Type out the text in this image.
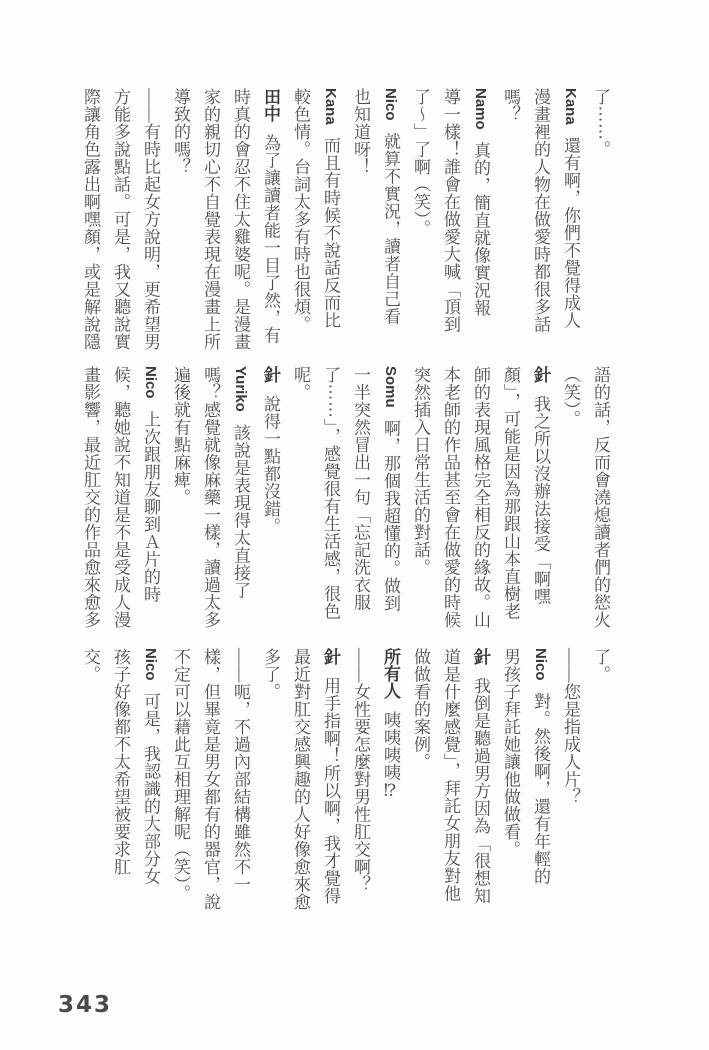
了⋯⋯。
Kana還有啊，你們不覺得成人
漫畫裡的人物在做愛時都很多話
嗎？
Namo真的，簡直就像實況報
導一樣！誰會在做愛大喊「頂到
了～」了啊（笑）。
Nico就算不實況，讀者自己看
也知道呀！
Kana而且有時候不說話反而比
較色情。台詞太多有時也很煩。
田中為了讓讀者能一目了然，有
時真的會忍不住太雞婆呢。是漫畫
家的親切心不自覺表現在漫畫上所
導致的嗎？
——有時比起女方說明，更希望男
方能多說點話。可是，我又聽說實
際讓角色露出啊嘿顏，或是解說隱
語的話，反而會澆熄讀者們的慾火
（笑）。
針我之所以沒辦法接受「啊嘿
顏」，可能是因為那跟山本直樹老
師的表現風格完全相反的緣故。山
本老師的作品甚至會在做愛的時候
突然插入日常生活的對話。
Somu啊，那個我超懂的。做到
一半突然冒出一句「忘記洗衣服
了⋯⋯」，感覺很有生活感，很色
呢。
針說得一點都沒錯。
Yuriko該說是表現得太直接了
嗎？感覺就像麻藥一樣，讀過太多
遍後就有點麻痺。
Nico上次跟朋友聊到Ａ片的時
候，聽她說不知道是不是受成人漫
畫影響，最近肛交的作品愈來愈多
了。
——您是指成人片？
Nico對。然後啊，還有年輕的
男孩子拜託她讓他做做看。
針我倒是聽過男方因為「很想知
道是什麼感覺」，拜託女朋友對他
做做看的案例。
所有人咦咦咦咦⁉
——女性要怎麼對男性肛交啊？
針用手指啊！所以啊，我才覺得
最近對肛交感興趣的人好像愈來愈
多了。
——呃，不過內部結構雖然不一
樣，但畢竟是男女都有的器官，說
不定可以藉此互相理解呢（笑）。
Nico可是，我認識的大部分女
孩子好像都不太希望被要求肛
交。
343
